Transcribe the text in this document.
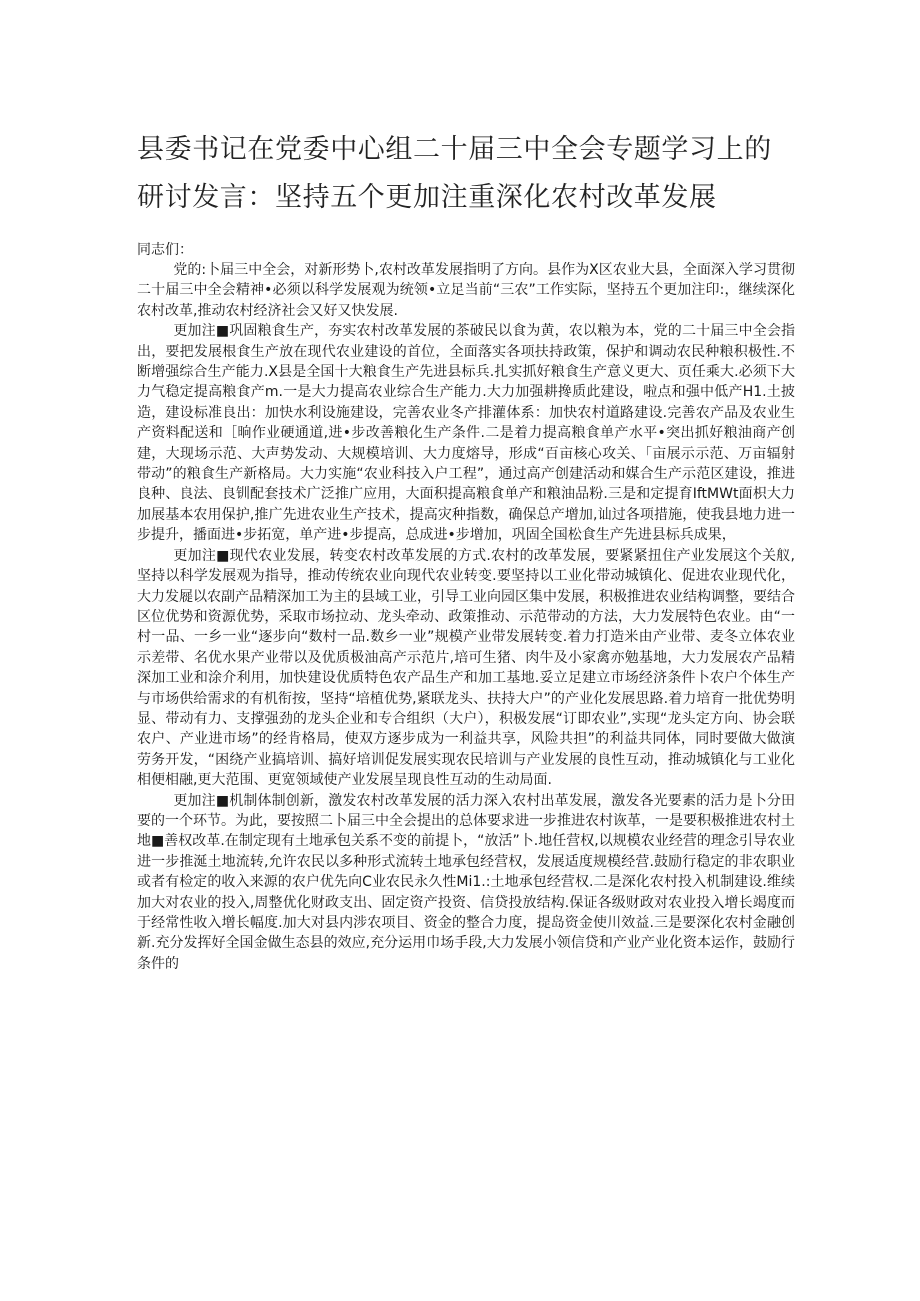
县委书记在党委中心组二十届三中全会专题学习上的
研讨发言：坚持五个更加注重深化农村改革发展

同志们：

党的:卜届三中全会，对新形势卜,农村改革发展指明了方向。县作为X区农业大县，全面深入学习贯彻二十届三中全会精神•必须以科学发展观为统领•立足当前“三农”工作实际，坚持五个更加注印:，继续深化农村改革,推动农村经济社会又好又快发展.

更加注■巩固粮食生产，夯实农村改革发展的茶破民以食为黄，农以粮为本，党的二十届三中全会指出，要把发展根食生产放在现代农业建设的首位，全面落实各项扶持政策，保护和调动农民种粮积极性.不断增强综合生产能力.X县是全国十大粮食生产先进县标兵.扎实抓好粮食生产意义更大、页任乘大.必须下大力气稳定提高粮食产m.一是大力提高农业综合生产能力.大力加强耕搀质此建设，啦点和强中低产H1.土披造，建设标准良出：加快水利设施建设，完善农业冬产排灌体系：加快农村道路建设.完善农产品及农业生产资料配送和［晌作业硬通道,进•步改善粮化生产条件.二是着力提高粮食单产水平•突出抓好粮油商产创建，大现场示范、大声势发动、大规模培训、大力度熔导，形成“百亩核心攻关、「亩展示示范、万亩辐射带动”的粮食生产新格局。大力实施“农业科技入户工程”，通过高产创建活动和媒合生产示范区建设，推进良种、良法、良钏配套技术广泛推广应用，大面积提高粮食单产和粮油品粉.三是和定提育IftMWt面枳大力加展基本农用保护,推广先进农业生产技术，提高灾种指数，确保总产增加,讪过各项措施，使我县地力进一步提升，播面进•步拓宽，单产进•步提高，总成进•步增加，巩固全国松食生产先进县标兵成果，

更加注■现代农业发展，转变农村改革发展的方式.农村的改革发展，要紧紧扭住产业发展这个关舣,坚持以科学发展观为指导，推动传统农业向现代农业转变.要坚持以工业化带动城镇化、促进农业现代化，大力发屣以农副产品精深加工为主的县域工业，引导工业向园区集中发展，积极推进农业结构调整，要结合区位优势和资源优势，采取市场拉动、龙头牵动、政策推动、示范带动的方法，大力发展特色农业。由“一村一品、一乡一业“逐步向“数村一品.数乡一业”规模产业带发展转变.着力打造米由产业带、麦冬立体农业示差带、名优水果产业带以及优质极油高产示范片,培可生猪、肉牛及小家禽亦勉基地，大力发展农产品精深加工业和涂介利用，加快建设优质特色农产品生产和加工基地.妥立足建立市场经济条件卜农户个体生产与市场供给需求的有机衔按，坚持“培植优势,紧联龙头、扶持大户”的产业化发展思路.着力培育一批优势明显、带动有力、支撑强劲的龙头企业和专合组织（大户），积极发展“订即农业”,实现“龙头定方向、协会联农户、产业进市场”的经肯格局，使双方逐步成为一利益共享，风险共担”的利益共同体，同时要做大做演劳务开发，“困绕产业搞培训、搞好培训促发展实现农民培训与产业发展的良性互动，推动城镇化与工业化相便相融,更大范围、更宽领域使产业发展呈现良性互动的生动局面.

更加注■机制体制创新，激发农村改革发展的活力深入农村出革发展，激发各光要素的活力是卜分田要的一个环节。为此，要按照二卜届三中全会提出的总体要求进一步推进农村诙革，一是要积极推进农村土地■善权改革.在制定现有土地承包关系不变的前提卜，“放活”卜.地任营权,以规模农业经营的理念引导农业进一步推涎土地流转,允许农民以多种形式流转土地承包经营权，发展适度规模经营.鼓励行稳定的非农职业或者有检定的收入来源的农户优先向C业农民永久性Mi1.:土地承包经营权.二是深化农村投入机制建设.维续加大对农业的投入,周整优化财政支出、固定资产投资、信贷投放结构.保证各级财政对农业投入增长竭度而于经常性收入增长幅度.加大对县内涉农项目、资金的整合力度，提岛资金使川效益.三是要深化农村金融创新.充分发挥好全国金做生态县的效应,充分运用巾场手段,大力发展小领信贷和产业产业化资本运作，鼓励行条件的
